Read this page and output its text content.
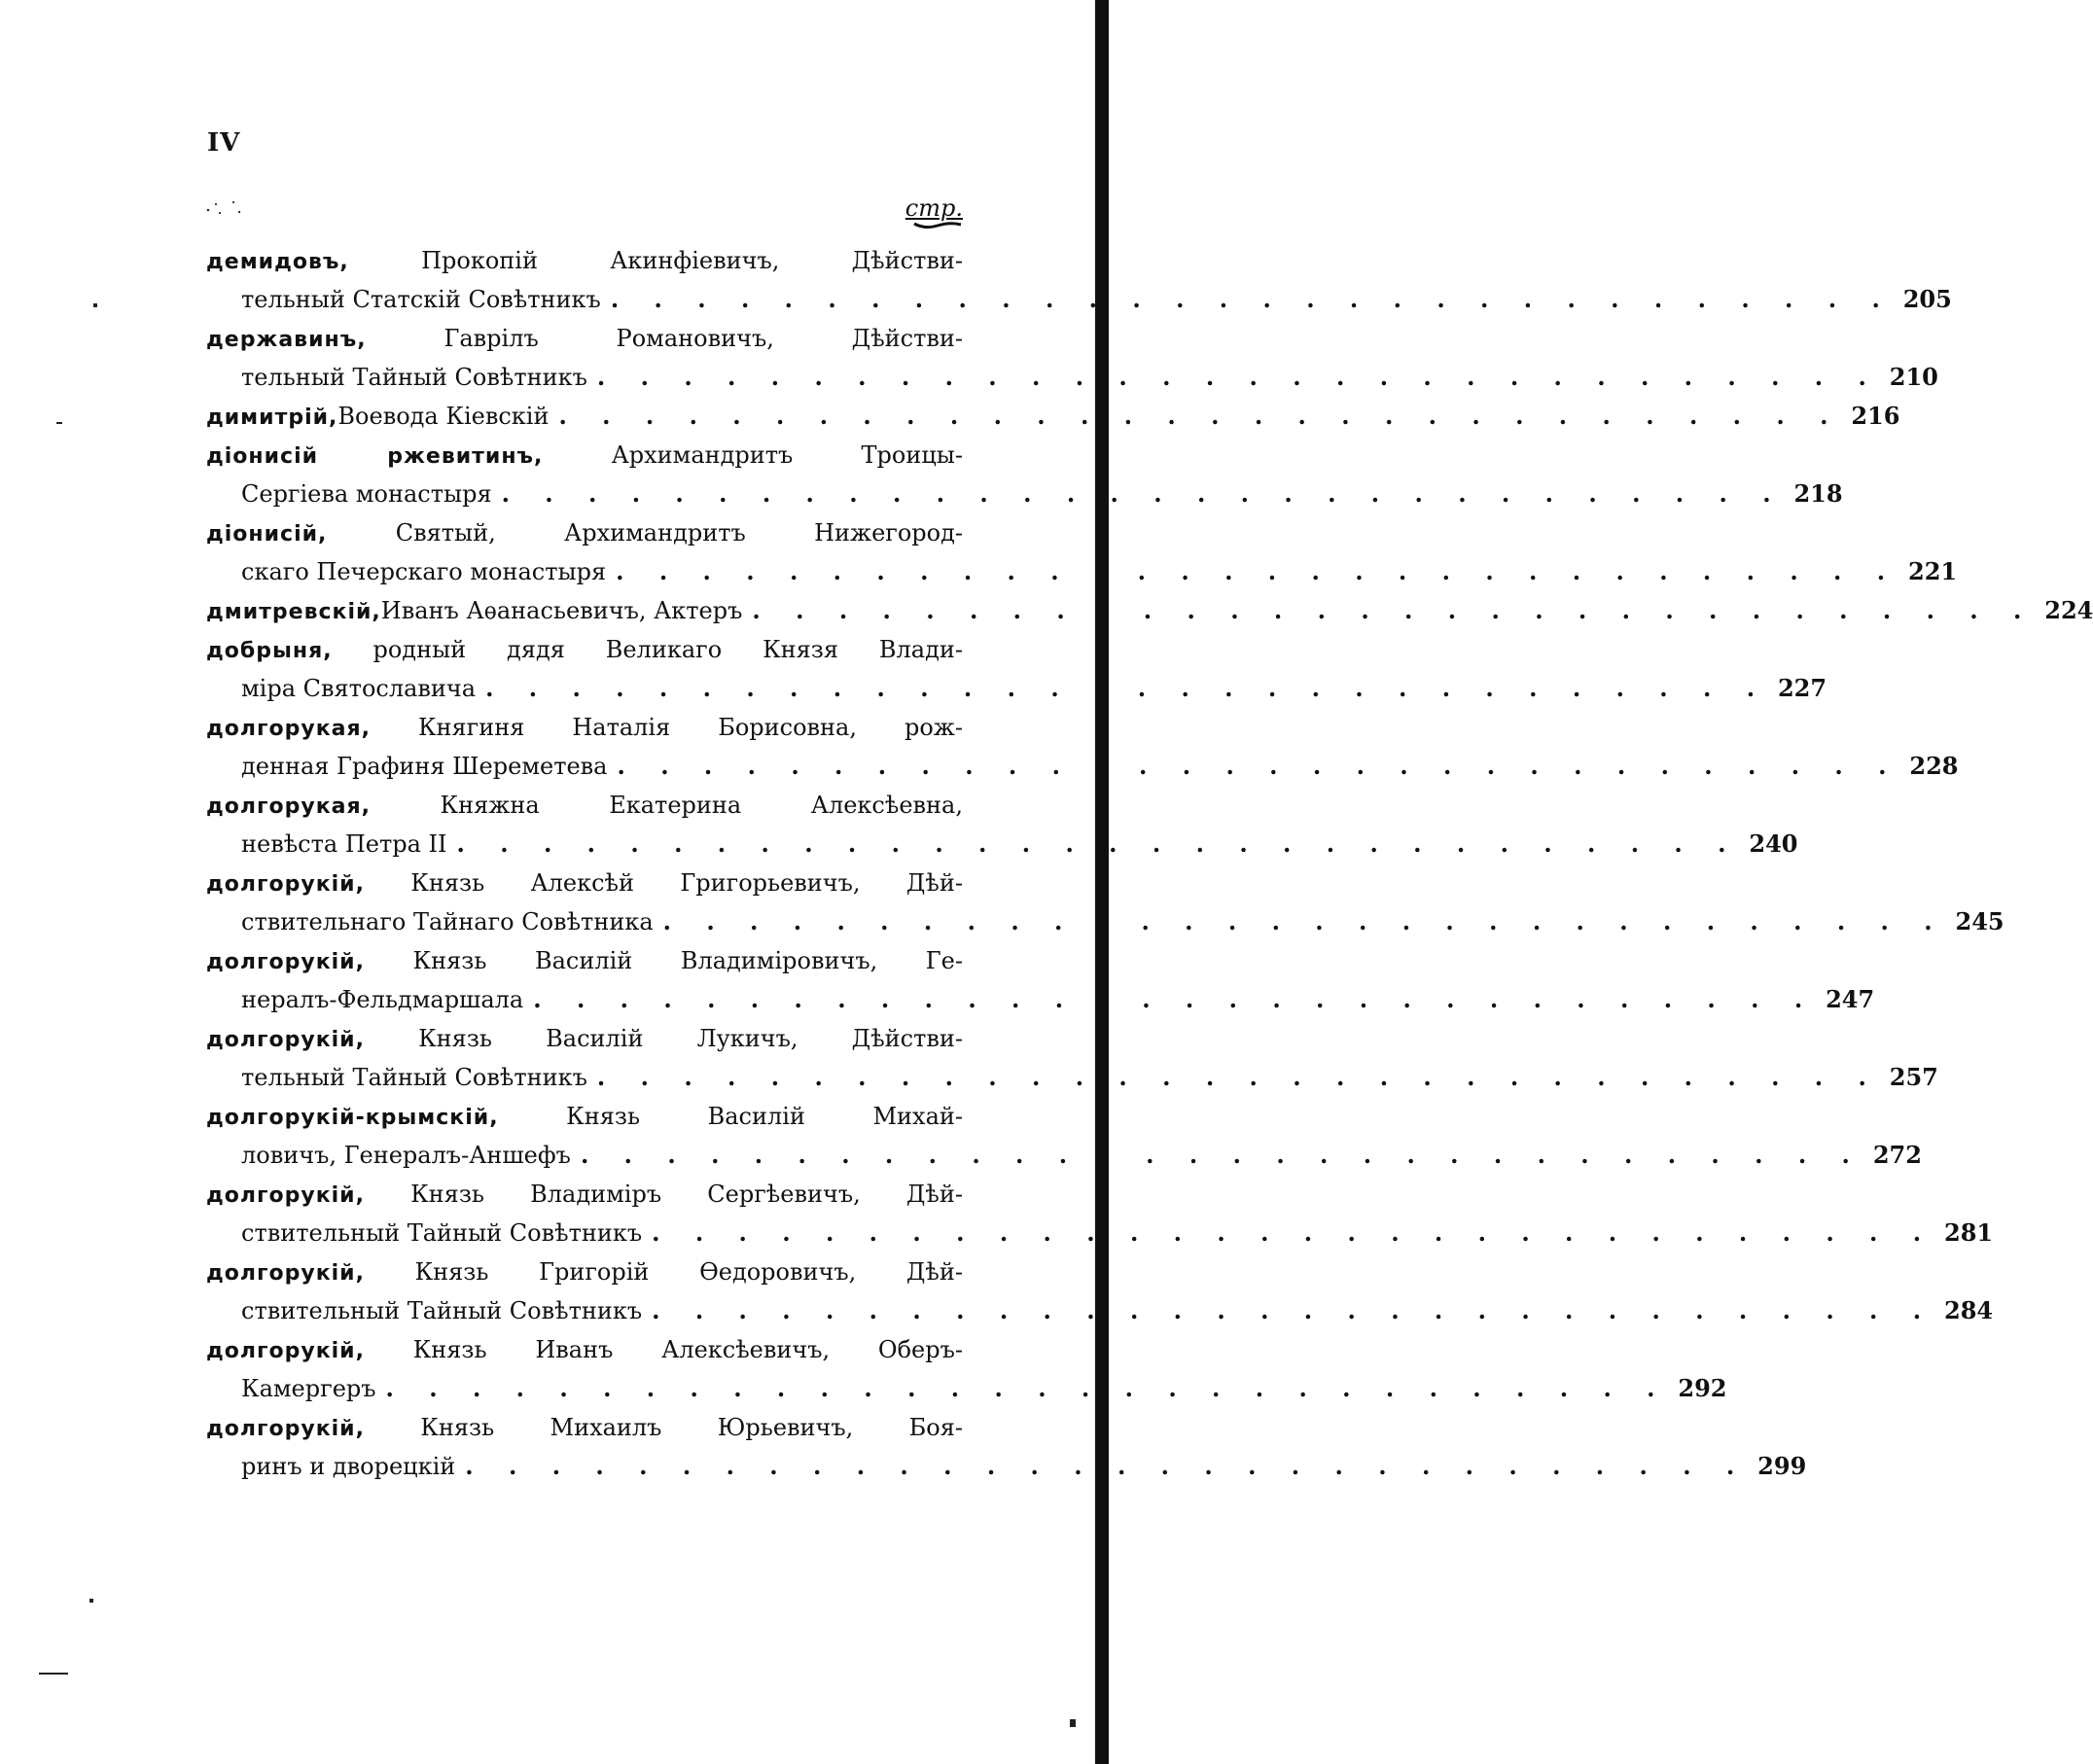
IV
стр.
демидовъ,	Прокопій Акинфіевичъ, Дѣйстви-
тельный Статскій Совѣтникъ . . . . . . . . . . . . . . . . . . . . . . . . . . . . . . 205
державинъ,	Гаврілъ Романовичъ, Дѣйстви-
тельный Тайный Совѣтникъ . . . . . . . . . . . . . . . . . . . . . . . . . . . . . . 210
димитрій, Воевода Кіевскій . . . . . . . . . . . . . . . . . . . . . . . . . . . . . . 216
діонисій ржевитинъ,	Архимандритъ Троицы-
Сергіева монастыря . . . . . . . . . . . . . . . . . . . . . . . . . . . . . . 218
діонисій,	Святый, Архимандритъ Нижегород-
скаго Печерскаго монастыря . . . . . . . . . . . . . . . . . . . . . . . . . . . . . . 221
дмитревскій, Иванъ Аѳанасьевичъ, Актеръ . . . . . . . . . . . . . . . . . . . . . . . . . . . . . . 224
добрыня, родный дядя Великаго Князя Влади-
міра Святославича . . . . . . . . . . . . . . . . . . . . . . . . . . . . . . 227
долгорукая, Княгиня Наталія Борисовна, рож-
денная Графиня Шереметева . . . . . . . . . . . . . . . . . . . . . . . . . . . . . . 228
долгорукая,	Княжна Екатерина Алексѣевна,
невѣста Петра II . . . . . . . . . . . . . . . . . . . . . . . . . . . . . . 240
долгорукій, Князь Алексѣй Григорьевичъ, Дѣй-
ствительнаго Тайнаго Совѣтника . . . . . . . . . . . . . . . . . . . . . . . . . . . . . . 245
долгорукій, Князь Василій Владиміровичъ, Ге-
нералъ-Фельдмаршала . . . . . . . . . . . . . . . . . . . . . . . . . . . . . . 247
долгорукій, Князь Василій Лукичъ, Дѣйстви-
тельный Тайный Совѣтникъ . . . . . . . . . . . . . . . . . . . . . . . . . . . . . . 257
долгорукій-крымскій,	Князь Василій Михай-
ловичъ, Генералъ-Аншефъ . . . . . . . . . . . . . . . . . . . . . . . . . . . . . . 272
долгорукій, Князь Владиміръ Сергѣевичъ, Дѣй-
ствительный Тайный Совѣтникъ . . . . . . . . . . . . . . . . . . . . . . . . . . . . . . 281
долгорукій, Князь Григорій Ѳедоровичъ, Дѣй-
ствительный Тайный Совѣтникъ . . . . . . . . . . . . . . . . . . . . . . . . . . . . . . 284
долгорукій, Князь Иванъ Алексѣевичъ, Оберъ-
Камергеръ . . . . . . . . . . . . . . . . . . . . . . . . . . . . . . 292
долгорукій, Князь Михаилъ Юрьевичъ, Боя-
ринъ и дворецкій . . . . . . . . . . . . . . . . . . . . . . . . . . . . . . 299
